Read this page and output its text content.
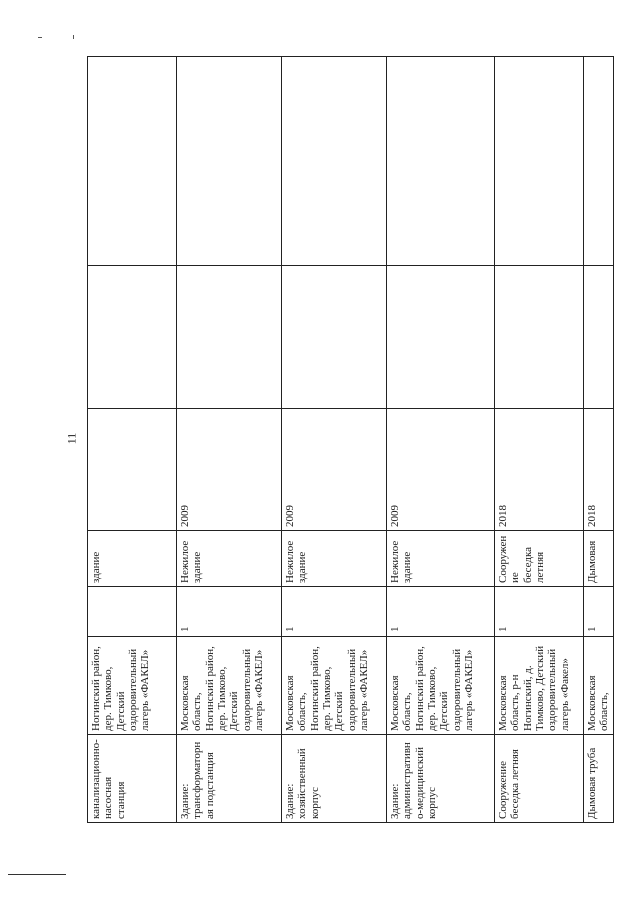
11
канализационно-насосная станция	Ногинский район, дер. Тимково, Детский оздоровительный лагерь «ФАКЕЛ»		здание			
Здание: трансформаторная подстанция	Московская область, Ногинский район, дер. Тимково, Детский оздоровительный лагерь «ФАКЕЛ»	1	Нежилое здание	2009		
Здание: хозяйственный корпус	Московская область, Ногинский район, дер. Тимково, Детский оздоровительный лагерь «ФАКЕЛ»	1	Нежилое здание	2009		
Здание: административно-медицинский корпус	Московская область, Ногинский район, дер. Тимково, Детский оздоровительный лагерь «ФАКЕЛ»	1	Нежилое здание	2009		
Сооружение беседка летняя	Московская область, р-н Ногинский, д. Тимково, Детский оздоровительный лагерь «Факел»	1	Сооружение беседка летняя	2018		
Дымовая труба	Московская область,	1	Дымовая	2018		
